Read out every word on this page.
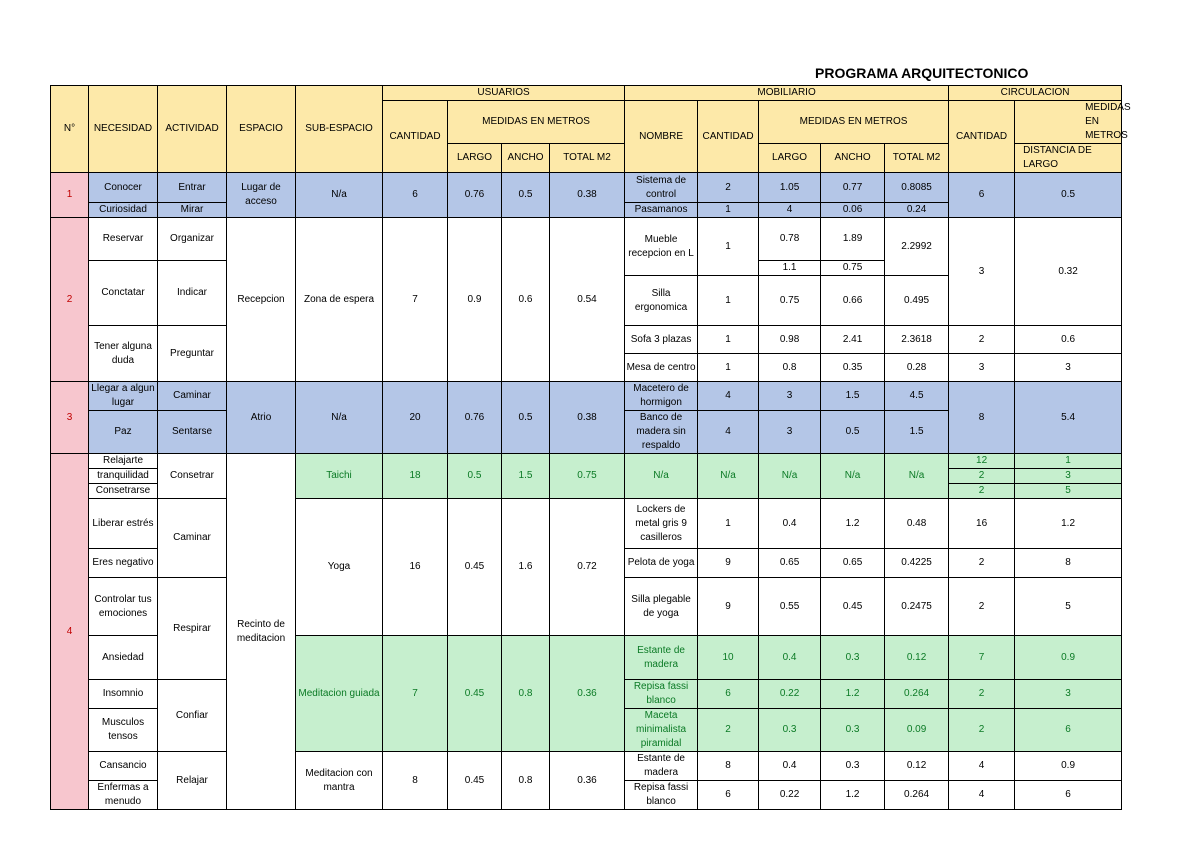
PROGRAMA ARQUITECTONICO
N°	NECESIDAD	ACTIVIDAD	ESPACIO	SUB-ESPACIO	USUARIOS				MOBILIARIO					CIRCULACION	
					CANTIDAD	MEDIDAS EN METROS			NOMBRE	CANTIDAD	MEDIDAS EN METROS			CANTIDAD	MEDIDAS EN METROS
						LARGO	ANCHO	TOTAL M2			LARGO	ANCHO	TOTAL M2		DISTANCIA DE LARGO
1	Conocer	Entrar	Lugar de acceso	N/a	6	0.76	0.5	0.38	Sistema de control	2	1.05	0.77	0.8085	6	0.5
	Curiosidad	Mirar							Pasamanos	1	4	0.06	0.24		
2	Reservar	Organizar	Recepcion	Zona de espera	7	0.9	0.6	0.54	Mueble recepcion en L	1	0.78	1.89	2.2992	3	0.32
	Conctatar	Indicar									1.1	0.75			
									Silla ergonomica	1	0.75	0.66	0.495		

	Tener alguna duda	Preguntar							Sofa 3 plazas	1	0.98	2.41	2.3618	2	0.6
									Mesa de centro	1	0.8	0.35	0.28	3	3
3	Llegar a algun lugar	Caminar	Atrio	N/a	20	0.76	0.5	0.38	Macetero de hormigon	4	3	1.5	4.5	8	5.4
	Paz	Sentarse							Banco de madera sin respaldo	4	3	0.5	1.5		
4	Relajarte	Consetrar	Recinto de meditacion	Taichi	18	0.5	1.5	0.75	N/a	N/a	N/a	N/a	N/a	12	1
	tranquilidad													2	3
	Consetrarse													2	5
	Liberar estrés	Caminar		Yoga	16	0.45	1.6	0.72	Lockers de metal gris 9 casilleros	1	0.4	1.2	0.48	16	1.2
	Eres negativo								Pelota de yoga	9	0.65	0.65	0.4225	2	8
	Controlar tus emociones	Respirar							Silla plegable de yoga	9	0.55	0.45	0.2475	2	5

	Ansiedad			Meditacion guiada	7	0.45	0.8	0.36	Estante de madera	10	0.4	0.3	0.12	7	0.9

	Insomnio	Confiar							Repisa fassi blanco	6	0.22	1.2	0.264	2	3
	Musculos tensos								Maceta minimalista piramidal	2	0.3	0.3	0.09	2	6

	Cansancio	Relajar		Meditacion con mantra	8	0.45	0.8	0.36	Estante de madera	8	0.4	0.3	0.12	4	0.9
	Enfermas a menudo								Repisa fassi blanco	6	0.22	1.2	0.264	4	6
